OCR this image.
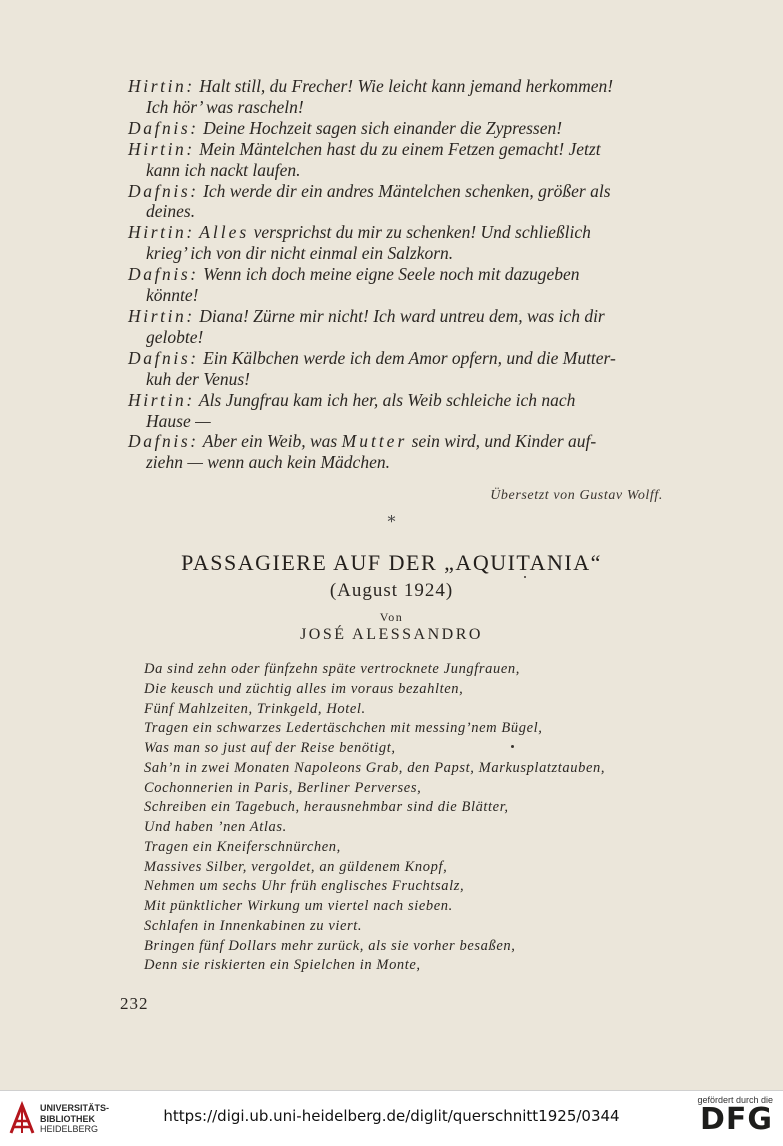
Hirtin: Halt still, du Frecher! Wie leicht kann jemand herkommen!
Ich hör’ was rascheln!
Dafnis: Deine Hochzeit sagen sich einander die Zypressen!
Hirtin: Mein Mäntelchen hast du zu einem Fetzen gemacht! Jetzt
kann ich nackt laufen.
Dafnis: Ich werde dir ein andres Mäntelchen schenken, größer als
deines.
Hirtin: Alles versprichst du mir zu schenken! Und schließlich
krieg’ ich von dir nicht einmal ein Salzkorn.
Dafnis: Wenn ich doch meine eigne Seele noch mit dazugeben
könnte!
Hirtin: Diana! Zürne mir nicht! Ich ward untreu dem, was ich dir
gelobte!
Dafnis: Ein Kälbchen werde ich dem Amor opfern, und die Mutter-
kuh der Venus!
Hirtin: Als Jungfrau kam ich her, als Weib schleiche ich nach
Hause —
Dafnis: Aber ein Weib, was Mutter sein wird, und Kinder auf-
ziehn — wenn auch kein Mädchen.
Übersetzt von Gustav Wolff.
*
PASSAGIERE AUF DER „AQUITANIA“
(August 1924)
Von
JOSÉ ALESSANDRO
Da sind zehn oder fünfzehn späte vertrocknete Jungfrauen,
Die keusch und züchtig alles im voraus bezahlten,
Fünf Mahlzeiten, Trinkgeld, Hotel.
Tragen ein schwarzes Ledertäschchen mit messing’nem Bügel,
Was man so just auf der Reise benötigt,
Sah’n in zwei Monaten Napoleons Grab, den Papst, Markusplatztauben,
Cochonnerien in Paris, Berliner Perverses,
Schreiben ein Tagebuch, herausnehmbar sind die Blätter,
Und haben ’nen Atlas.
Tragen ein Kneiferschnürchen,
Massives Silber, vergoldet, an güldenem Knopf,
Nehmen um sechs Uhr früh englisches Fruchtsalz,
Mit pünktlicher Wirkung um viertel nach sieben.
Schlafen in Innenkabinen zu viert.
Bringen fünf Dollars mehr zurück, als sie vorher besaßen,
Denn sie riskierten ein Spielchen in Monte,
232
UNIVERSITÄTS-
BIBLIOTHEK
HEIDELBERG
https://digi.ub.uni-heidelberg.de/diglit/querschnitt1925/0344
gefördert durch die
DFG
